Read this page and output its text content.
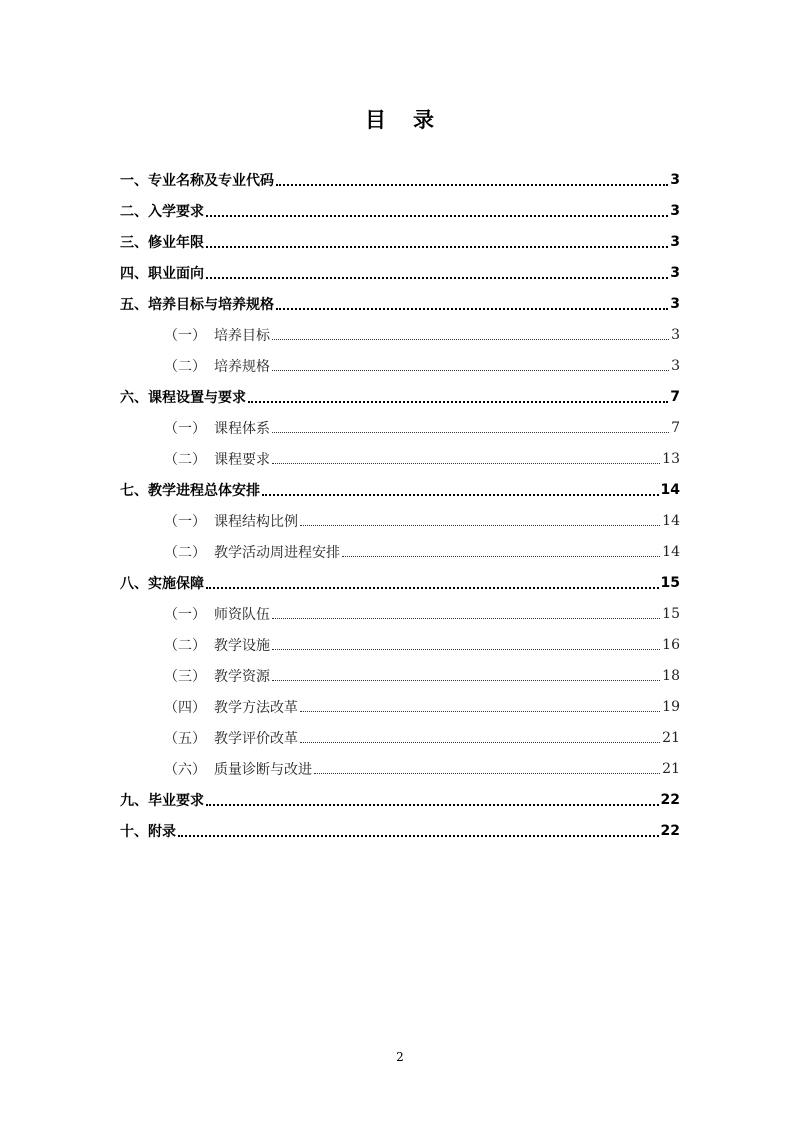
目 录
一、专业名称及专业代码	3
二、入学要求	3
三、修业年限	3
四、职业面向	3
五、培养目标与培养规格	3
（一） 培养目标	3
（二） 培养规格	3
六、课程设置与要求	7
（一） 课程体系	7
（二） 课程要求	13
七、教学进程总体安排	14
（一） 课程结构比例	14
（二） 教学活动周进程安排	14
八、实施保障	15
（一） 师资队伍	15
（二） 教学设施	16
（三） 教学资源	18
（四） 教学方法改革	19
（五） 教学评价改革	21
（六） 质量诊断与改进	21
九、毕业要求	22
十、附录	22
2
